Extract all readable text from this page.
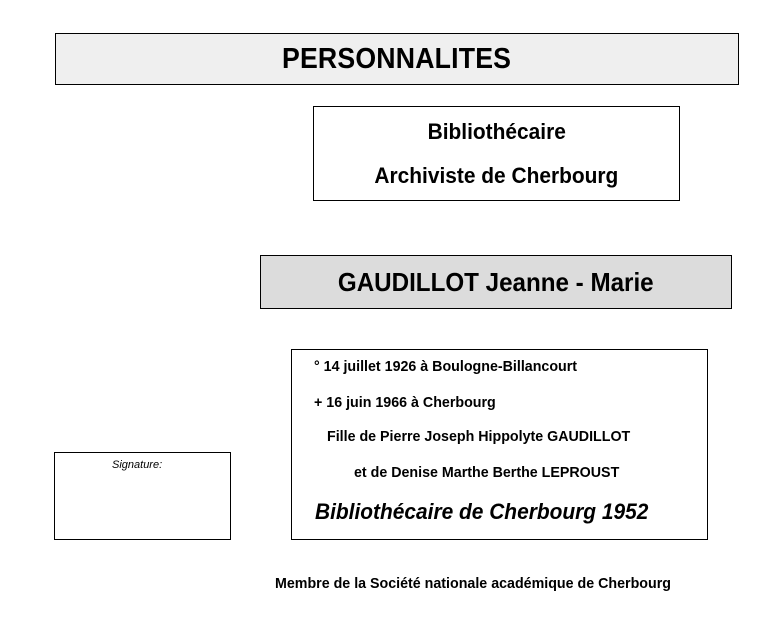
PERSONNALITES
Bibliothécaire
Archiviste de Cherbourg
GAUDILLOT Jeanne - Marie
° 14 juillet 1926 à Boulogne-Billancourt
+ 16 juin 1966 à Cherbourg
Fille de Pierre Joseph Hippolyte GAUDILLOT
et de Denise Marthe Berthe LEPROUST
Bibliothécaire de Cherbourg 1952
Signature:
Membre de la Société nationale académique de Cherbourg
